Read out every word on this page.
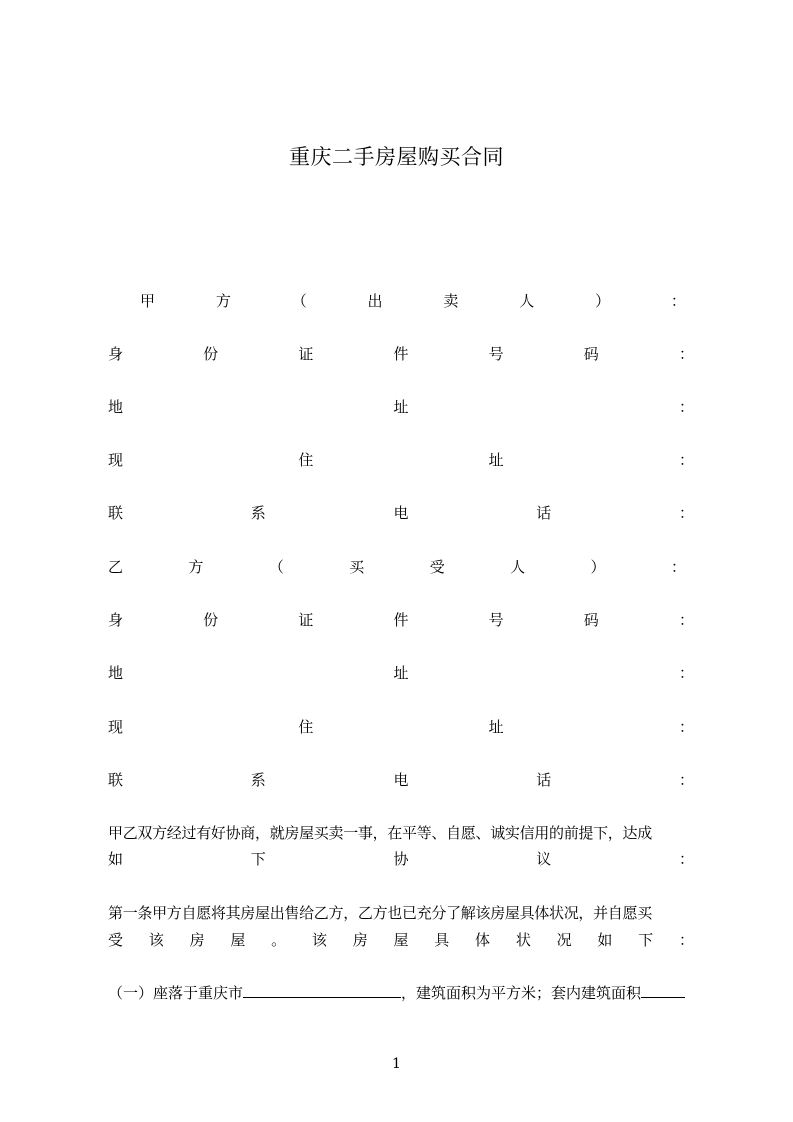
重庆二手房屋购买合同
甲	方	（	出	卖	人	）	：
身	份	证	件	号	码	：
地	址	：
现	住	址	：
联	系	电	话	：
乙	方	（	买	受	人	）	：
身	份	证	件	号	码	：
地	址	：
现	住	址	：
联	系	电	话	：
甲乙双方经过有好协商，就房屋买卖一事，在平等、自愿、诚实信用的前提下，达成
如	下	协	议	：
第一条甲方自愿将其房屋出售给乙方，乙方也已充分了解该房屋具体状况，并自愿买
受 该 房 屋 。 该 房 屋 具 体 状 况 如 下 ：
（一）座落于重庆市	，建筑面积为平方米；套内建筑面积
1
